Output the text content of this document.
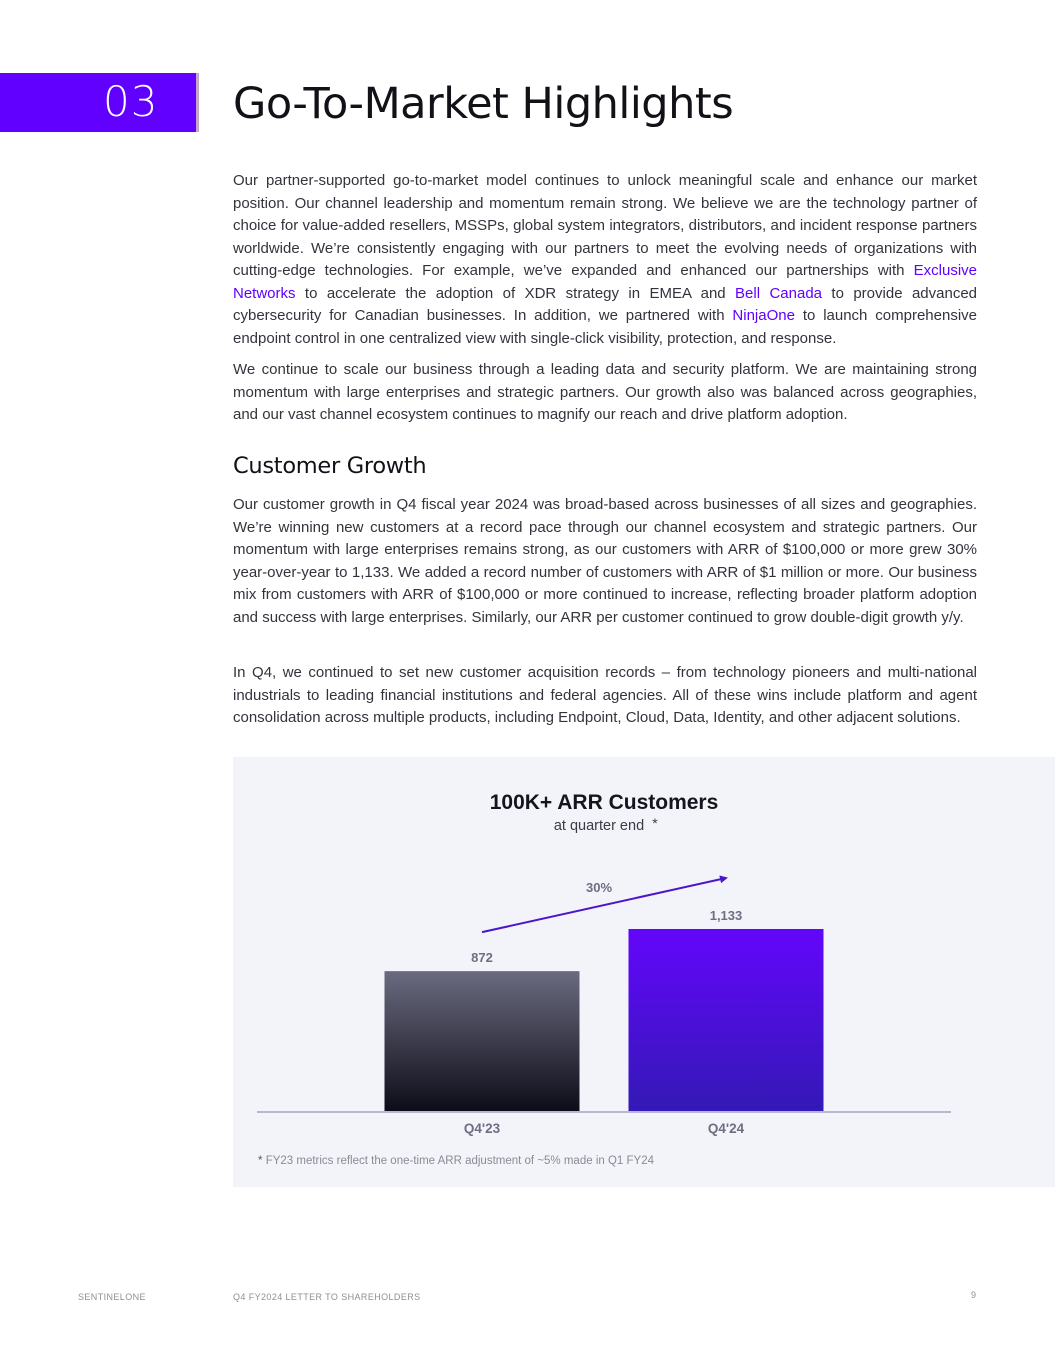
03	Go-To-Market Highlights

Our partner-supported go-to-market model continues to unlock meaningful scale and enhance our market position. Our channel leadership and momentum remain strong. We believe we are the technology partner of choice for value-added resellers, MSSPs, global system integrators, distributors, and incident response partners worldwide. We’re consistently engaging with our partners to meet the evolving needs of organizations with cutting-edge technologies. For example, we’ve expanded and enhanced our partnerships with Exclusive Networks to accelerate the adoption of XDR strategy in EMEA and Bell Canada to provide advanced cybersecurity for Canadian businesses. In addition, we partnered with NinjaOne to launch comprehensive endpoint control in one centralized view with single-click visibility, protection, and response.

We continue to scale our business through a leading data and security platform. We are maintaining strong momentum with large enterprises and strategic partners. Our growth also was balanced across geographies, and our vast channel ecosystem continues to magnify our reach and drive platform adoption.

Customer Growth

Our customer growth in Q4 fiscal year 2024 was broad-based across businesses of all sizes and geographies. We’re winning new customers at a record pace through our channel ecosystem and strategic partners. Our momentum with large enterprises remains strong, as our customers with ARR of $100,000 or more grew 30% year-over-year to 1,133. We added a record number of customers with ARR of $1 million or more. Our business mix from customers with ARR of $100,000 or more continued to increase, reflecting broader platform adoption and success with large enterprises. Similarly, our ARR per customer continued to grow double-digit growth y/y.

In Q4, we continued to set new customer acquisition records – from technology pioneers and multi-national industrials to leading financial institutions and federal agencies. All of these wins include platform and agent consolidation across multiple products, including Endpoint, Cloud, Data, Identity, and other adjacent solutions.

100K+ ARR Customers
at quarter end *
872
Q4'23
1,133
Q4'24
30%
* FY23 metrics reflect the one-time ARR adjustment of ~5% made in Q1 FY24
SENTINELONE	Q4 FY2024 LETTER TO SHAREHOLDERS	9
